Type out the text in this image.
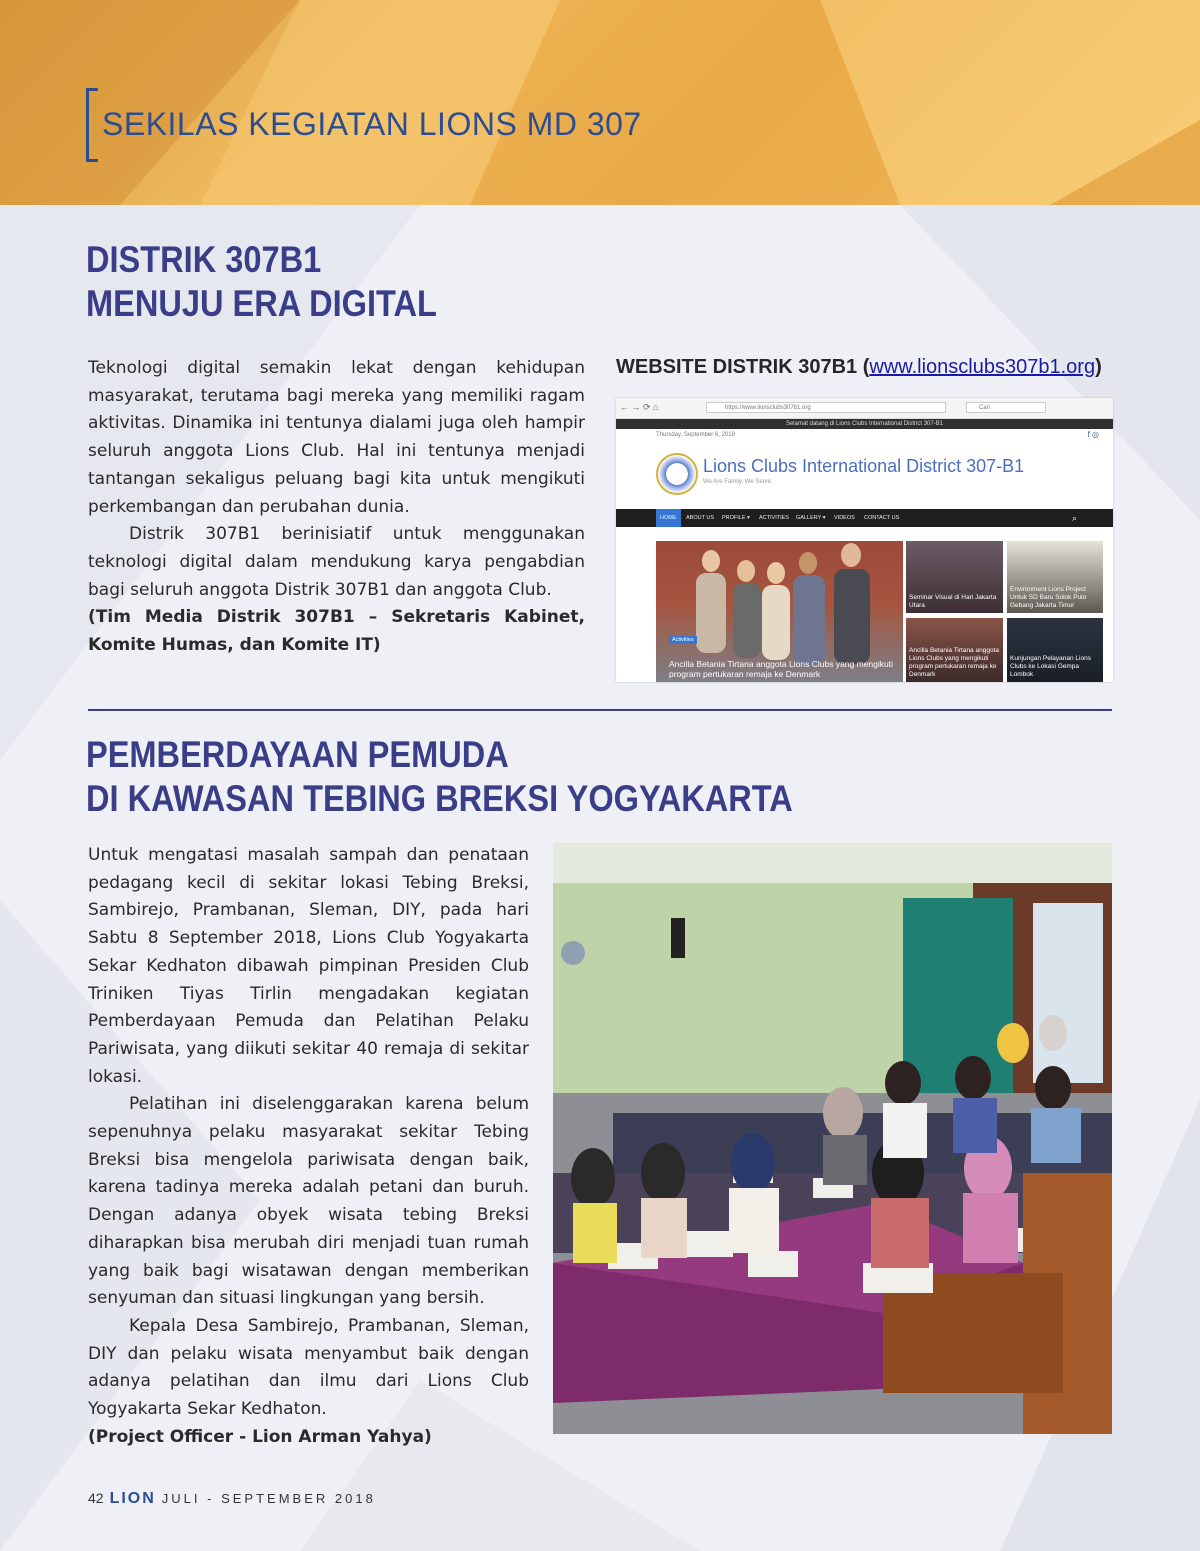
SEKILAS KEGIATAN LIONS MD 307
DISTRIK 307B1
MENUJU ERA DIGITAL

Teknologi digital semakin lekat dengan kehidupan masyarakat, terutama bagi mereka yang memiliki ragam aktivitas. Dinamika ini tentunya dialami juga oleh hampir seluruh anggota Lions Club. Hal ini tentunya menjadi tantangan sekaligus peluang bagi kita untuk mengikuti perkembangan dan perubahan dunia.

Distrik 307B1 berinisiatif untuk menggunakan teknologi digital dalam mendukung karya pengabdian bagi seluruh anggota Distrik 307B1 dan anggota Club.

(Tim Media Distrik 307B1 – Sekretaris Kabinet, Komite Humas, dan Komite IT)

WEBSITE DISTRIK 307B1 (www.lionsclubs307b1.org)
← → ⟳ ⌂	https://www.lionsclubs307b1.org	Cari
Selamat datang di Lions Clubs International District 307-B1
Thursday, September 6, 2018	f ◎
Lions Clubs International District 307-B1
We Are Family, We Serve
HOME	ABOUT US PROFILE ▾ ACTIVITIES GALLERY ▾ VIDEOS CONTACT US	⌕
Activities
Ancilla Betania Tirtana anggota Lions Clubs yang mengikuti program pertukaran remaja ke Denmark
Seminar Visual di Hari Jakarta Utara
Environment Lions Project Untuk SD Baru Solok Pulo Gebang Jakarta Timur
Ancilla Betania Tirtana anggota Lions Clubs yang mengikuti program pertukaran remaja ke Denmark
Kunjungan Pelayanan Lions Clubs ke Lokasi Gempa Lombok
PEMBERDAYAAN PEMUDA
DI KAWASAN TEBING BREKSI YOGYAKARTA

Untuk mengatasi masalah sampah dan penataan pedagang kecil di sekitar lokasi Tebing Breksi, Sambirejo, Prambanan, Sleman, DIY, pada hari Sabtu 8 September 2018, Lions Club Yogyakarta Sekar Kedhaton dibawah pimpinan Presiden Club Triniken Tiyas Tirlin mengadakan kegiatan Pemberdayaan Pemuda dan Pelatihan Pelaku Pariwisata, yang diikuti sekitar 40 remaja di sekitar lokasi.

Pelatihan ini diselenggarakan karena belum sepenuhnya pelaku masyarakat sekitar Tebing Breksi bisa mengelola pariwisata dengan baik, karena tadinya mereka adalah petani dan buruh. Dengan adanya obyek wisata tebing Breksi diharapkan bisa merubah diri menjadi tuan rumah yang baik bagi wisatawan dengan memberikan senyuman dan situasi lingkungan yang bersih.

Kepala Desa Sambirejo, Prambanan, Sleman, DIY dan pelaku wisata menyambut baik dengan adanya pelatihan dan ilmu dari Lions Club Yogyakarta Sekar Kedhaton.

(Project Officer - Lion Arman Yahya)

42 LION JULI - SEPTEMBER 2018
